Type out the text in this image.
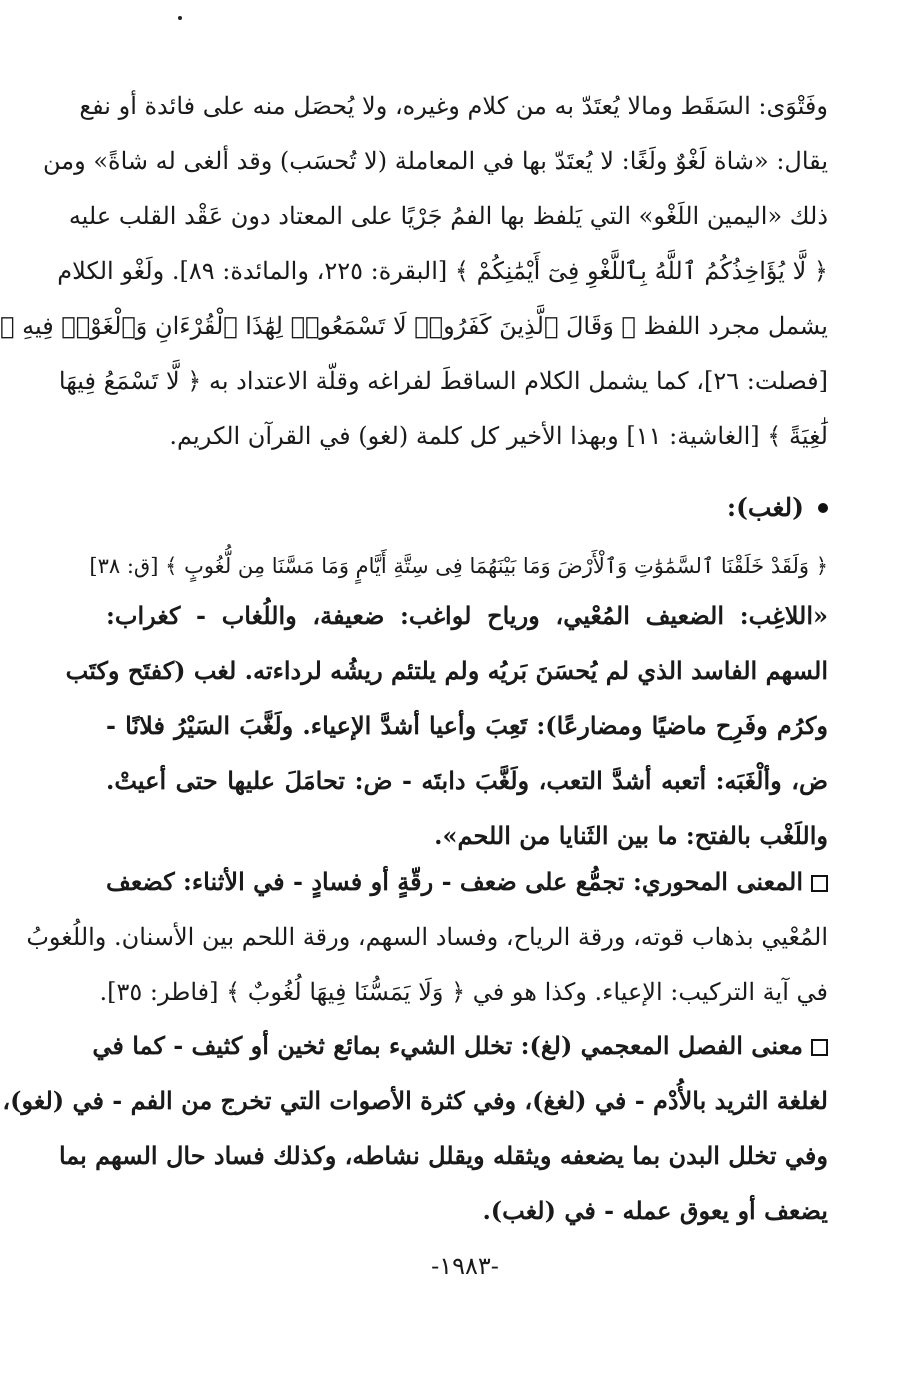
وفَتْوَى: السَقَط ومالا يُعتَدّ به من كلام وغيره، ولا يُحصَل منه على فائدة أو نفع
يقال: «شاة لَغْوٌ ولَغًا: لا يُعتَدّ بها في المعاملة (لا تُحسَب) وقد ألغى له شاةً» ومن
ذلك «اليمين اللَغْو» التي يَلفظ بها الفمُ جَرْيًا على المعتاد دون عَقْد القلب عليه
﴿ لَّا يُؤَاخِذُكُمُ ٱللَّهُ بِٱللَّغْوِ فِىٓ أَيْمَٰنِكُمْ ﴾ [البقرة: ٢٢٥، والمائدة: ٨٩]. ولَغْو الكلام
يشمل مجرد اللفظ ﴿ وَقَالَ ٱلَّذِينَ كَفَرُوا۟ لَا تَسْمَعُوا۟ لِهَٰذَا ٱلْقُرْءَانِ وَٱلْغَوْا۟ فِيهِ ﴾
[فصلت: ٢٦]، كما يشمل الكلام الساقطَ لفراغه وقلّة الاعتداد به ﴿ لَّا تَسْمَعُ فِيهَا
لَٰغِيَةً ﴾ [الغاشية: ١١] وبهذا الأخير كل كلمة (لغو) في القرآن الكريم.
(لغب):
﴿ وَلَقَدْ خَلَقْنَا ٱلسَّمَٰوَٰتِ وَٱلْأَرْضَ وَمَا بَيْنَهُمَا فِى سِتَّةِ أَيَّامٍ وَمَا مَسَّنَا مِن لُّغُوبٍ ﴾ [ق: ٣٨]
«اللاغِب: الضعيف المُعْيي، ورياح لواغب: ضعيفة، واللُغاب - كغراب:
السهم الفاسد الذي لم يُحسَنَ بَريُه ولم يلتئم ريشُه لرداءته. لغب (كفتَح وكتَب
وكرُم وفَرِح ماضيًا ومضارعًا): تَعِبَ وأعيا أشدَّ الإعياء. ولَغَّبَ السَيْرُ فلانًا -
ض، وألْغَبَه: أتعبه أشدَّ التعب، ولَغَّبَ دابتَه - ض: تحامَلَ عليها حتى أعيتْ.
واللَغْب بالفتح: ما بين الثَنايا من اللحم».
المعنى المحوري: تجمُّع على ضعف - رقّةٍ أو فسادٍ - في الأثناء: كضعف
المُعْيي بذهاب قوته، ورقة الرياح، وفساد السهم، ورقة اللحم بين الأسنان. واللُغوبُ
في آية التركيب: الإعياء. وكذا هو في ﴿ وَلَا يَمَسُّنَا فِيهَا لُغُوبٌ ﴾ [فاطر: ٣٥].
معنى الفصل المعجمي (لغ): تخلل الشيء بمائع ثخين أو كثيف - كما في
لغلغة الثريد بالأُدْم - في (لغغ)، وفي كثرة الأصوات التي تخرج من الفم - في (لغو)،
وفي تخلل البدن بما يضعفه ويثقله ويقلل نشاطه، وكذلك فساد حال السهم بما
يضعف أو يعوق عمله - في (لغب).
-١٩٨٣-
